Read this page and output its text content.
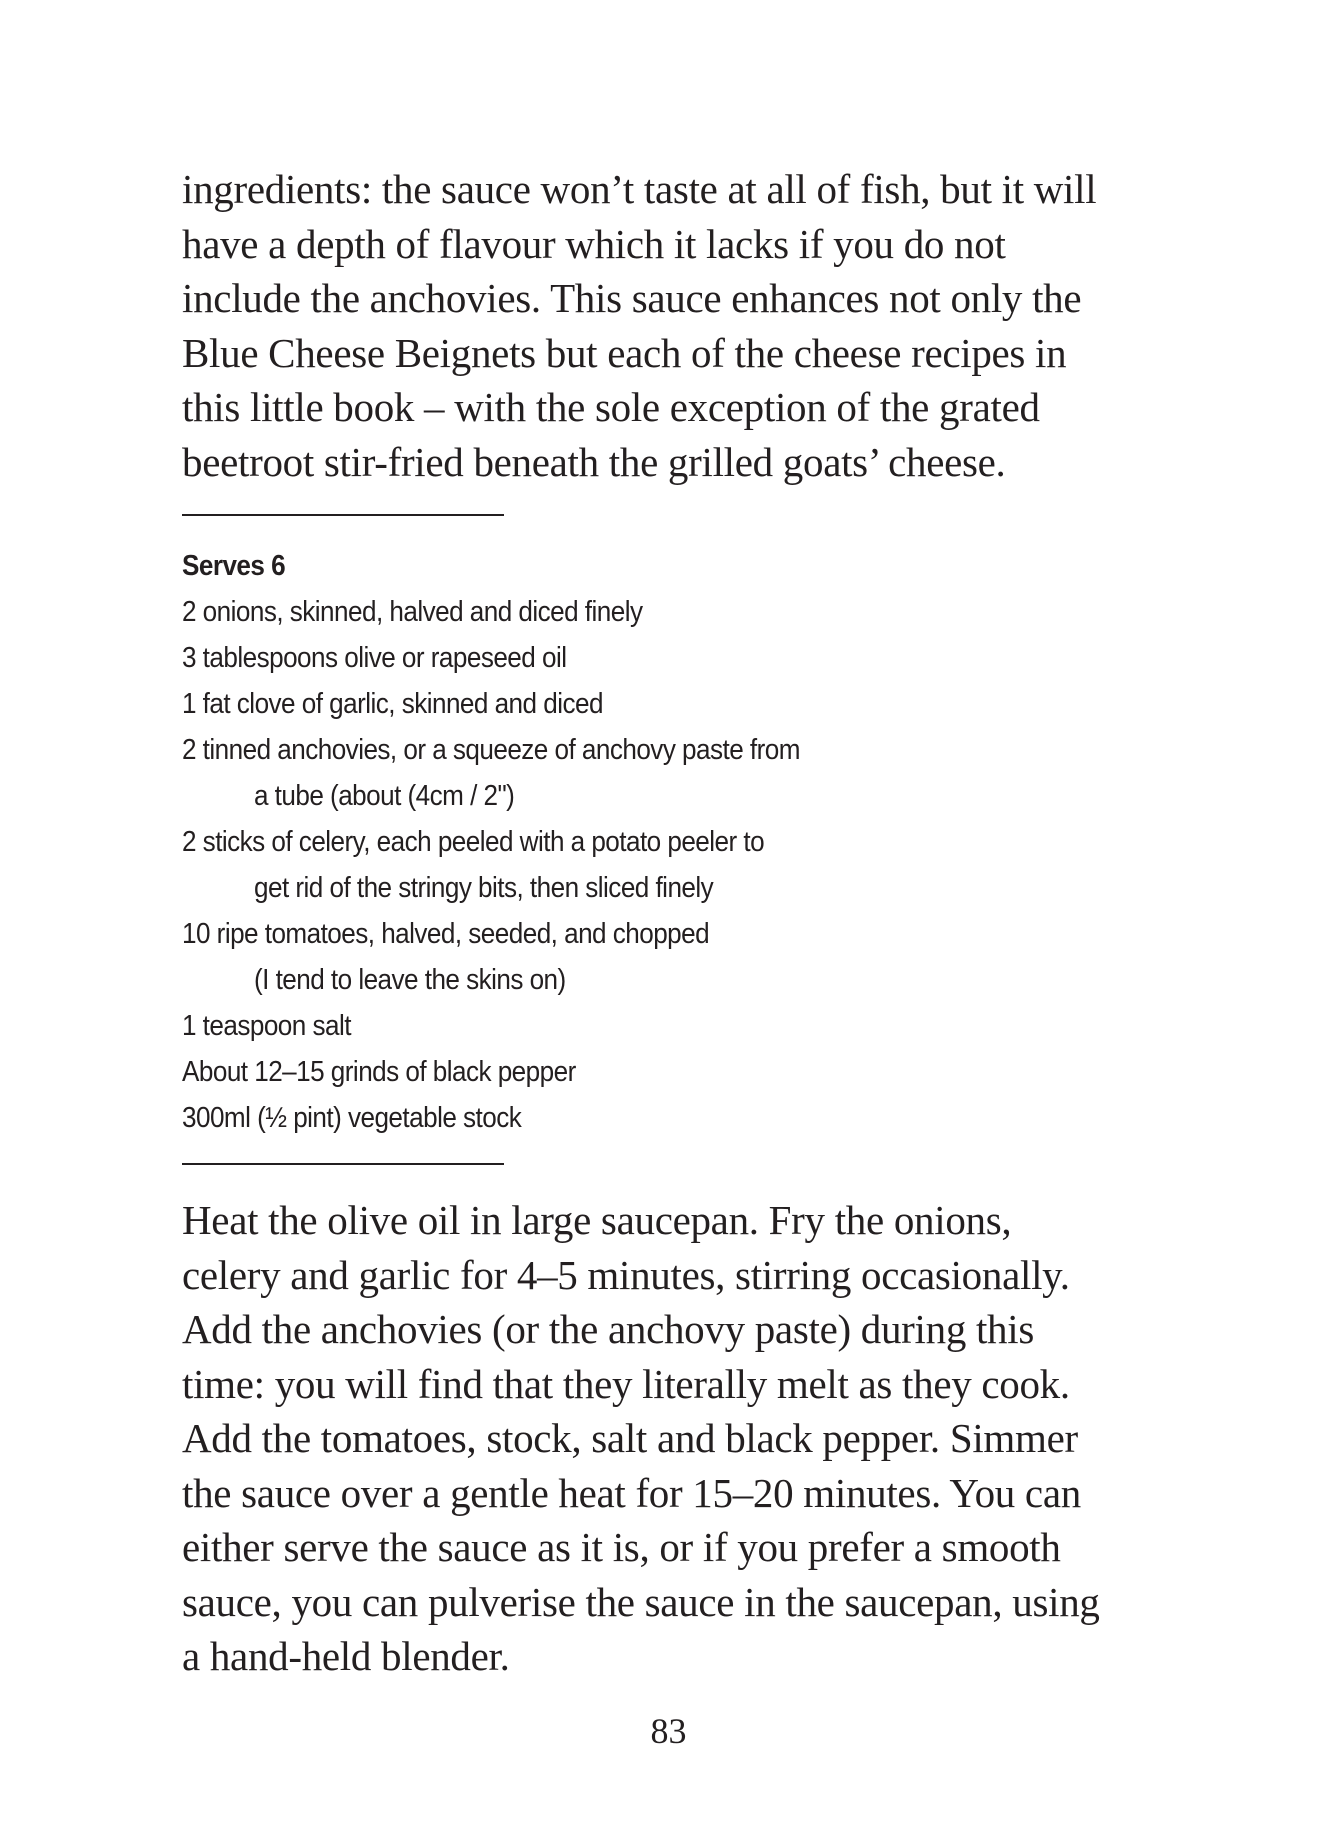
ingredients: the sauce won’t taste at all of fish, but it will
have a depth of flavour which it lacks if you do not
include the anchovies. This sauce enhances not only the
Blue Cheese Beignets but each of the cheese recipes in
this little book – with the sole exception of the grated
beetroot stir-fried beneath the grilled goats’ cheese.
Serves 6
2 onions, skinned, halved and diced finely
3 tablespoons olive or rapeseed oil
1 fat clove of garlic, skinned and diced
2 tinned anchovies, or a squeeze of anchovy paste from
a tube (about (4cm / 2")
2 sticks of celery, each peeled with a potato peeler to
get rid of the stringy bits, then sliced finely
10 ripe tomatoes, halved, seeded, and chopped
(I tend to leave the skins on)
1 teaspoon salt
About 12–15 grinds of black pepper
300ml (½ pint) vegetable stock
Heat the olive oil in large saucepan. Fry the onions,
celery and garlic for 4–5 minutes, stirring occasionally.
Add the anchovies (or the anchovy paste) during this
time: you will find that they literally melt as they cook.
Add the tomatoes, stock, salt and black pepper. Simmer
the sauce over a gentle heat for 15–20 minutes. You can
either serve the sauce as it is, or if you prefer a smooth
sauce, you can pulverise the sauce in the saucepan, using
a hand-held blender.
83
